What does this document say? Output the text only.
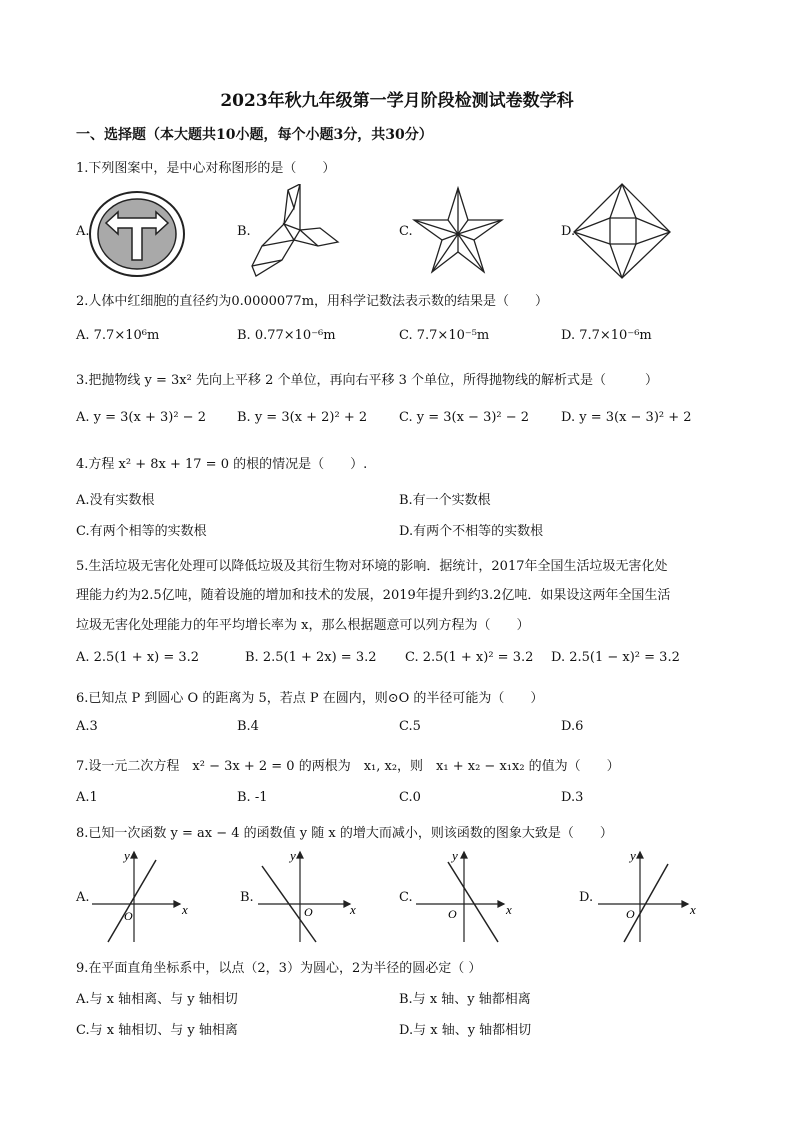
2023年秋九年级第一学月阶段检测试卷数学科
一、选择题（本大题共10小题，每个小题3分，共30分）
1.下列图案中，是中心对称图形的是（　　）
A.	B.	C.	D.
2.人体中红细胞的直径约为0.0000077m，用科学记数法表示数的结果是（　　）
A. 7.7×10⁶m	B. 0.77×10⁻⁶m	C. 7.7×10⁻⁵m	D. 7.7×10⁻⁶m
3.把抛物线 y = 3x² 先向上平移 2 个单位，再向右平移 3 个单位，所得抛物线的解析式是（　　　）
A. y = 3(x + 3)² − 2 B. y = 3(x + 2)² + 2 C. y = 3(x − 3)² − 2 D. y = 3(x − 3)² + 2
4.方程 x² + 8x + 17 = 0 的根的情况是（　　）.
A.没有实数根	B.有一个实数根
C.有两个相等的实数根	D.有两个不相等的实数根
5.生活垃圾无害化处理可以降低垃圾及其衍生物对环境的影响．据统计，2017年全国生活垃圾无害化处
理能力约为2.5亿吨，随着设施的增加和技术的发展，2019年提升到约3.2亿吨．如果设这两年全国生活
垃圾无害化处理能力的年平均增长率为 x，那么根据题意可以列方程为（　　）
A. 2.5(1 + x) = 3.2	B. 2.5(1 + 2x) = 3.2 C. 2.5(1 + x)² = 3.2 D. 2.5(1 − x)² = 3.2
6.已知点 P 到圆心 O 的距离为 5，若点 P 在圆内，则⊙O 的半径可能为（　　）
A.3	B.4	C.5	D.6
7.设一元二次方程　x² − 3x + 2 = 0 的两根为　x₁, x₂，则　x₁ + x₂ − x₁x₂ 的值为（　　）
A.1	B. -1	C.0	D.3
8.已知一次函数 y = ax − 4 的函数值 y 随 x 的增大而减小，则该函数的图象大致是（　　）
A.
O	x
y
B.
O	x
y
C.
O	x
y
D.
O	x
y
9.在平面直角坐标系中，以点（2，3）为圆心，2为半径的圆必定（ ）
A.与 x 轴相离、与 y 轴相切	B.与 x 轴、y 轴都相离
C.与 x 轴相切、与 y 轴相离	D.与 x 轴、y 轴都相切
